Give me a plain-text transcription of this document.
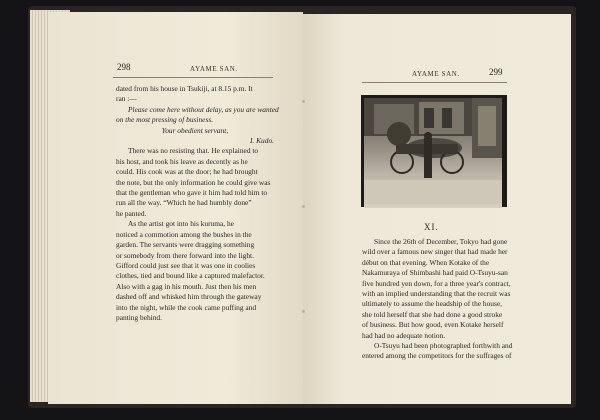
298	AYAME SAN.
dated from his house in Tsukiji, at 8.15 p.m. It
ran :—
Please come here without delay, as you are wanted
on the most pressing of business.
Your obedient servant,
I. Kudo.
There was no resisting that. He explained to
his host, and took his leave as decently as he
could. His cook was at the door; he had brought
the note, but the only information he could give was
that the gentleman who gave it him had told him to
run all the way. “Which he had humbly done”
he panted.
As the artist got into his kuruma, he
noticed a commotion among the bushes in the
garden. The servants were dragging something
or somebody from there forward into the light.
Gifford could just see that it was one in coolies
clothes, tied and bound like a captured malefactor.
Also with a gag in his mouth. Just then his men
dashed off and whisked him through the gateway
into the night, while the cook came puffing and
panting behind.
AYAME SAN.	299
XI.
Since the 26th of December, Tokyo had gone
wild over a famous new singer that had made her
début on that evening. When Kotake of the
Nakamuraya of Shimbashi had paid O-Tsuyu-san
five hundred yen down, for a three year's contract,
with an implied understanding that the recruit was
ultimately to assume the headship of the house,
she told herself that she had done a good stroke
of business. But how good, even Kotake herself
had had no adequate notion.
O-Tsuyu had been photographed forthwith and
entered among the competitors for the suffrages of
